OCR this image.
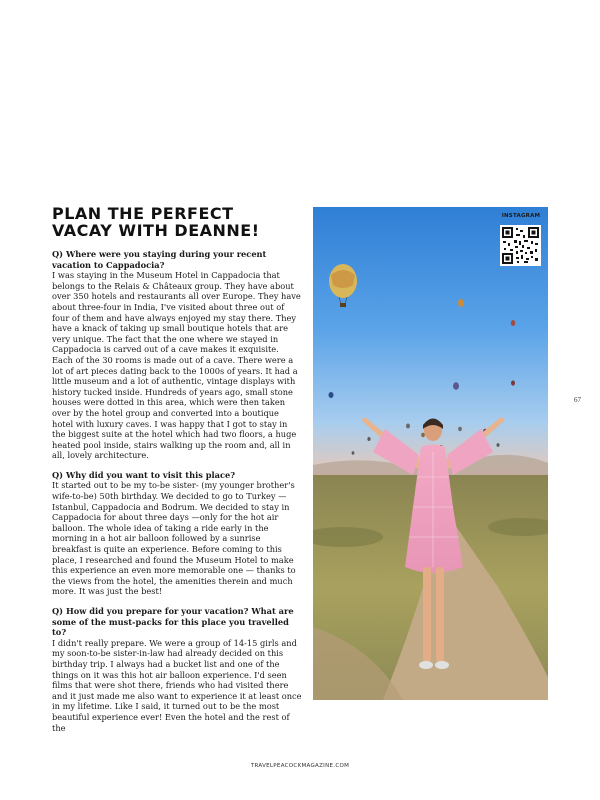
PLAN THE PERFECT
VACAY WITH DEANNE!

Q) Where were you staying during your recent vacation to Cappadocia?

I was staying in the Museum Hotel in Cappadocia that belongs to the Relais & Châteaux group. They have about over 350 hotels and restaurants all over Europe. They have about three-four in India, I've visited about three out of four of them and have always enjoyed my stay there. They have a knack of taking up small boutique hotels that are very unique. The fact that the one where we stayed in Cappadocia is carved out of a cave makes it exquisite. Each of the 30 rooms is made out of a cave. There were a lot of art pieces dating back to the 1000s of years. It had a little museum and a lot of authentic, vintage displays with history tucked inside. Hundreds of years ago, small stone houses were dotted in this area, which were then taken over by the hotel group and converted into a boutique hotel with luxury caves. I was happy that I got to stay in the biggest suite at the hotel which had two floors, a huge heated pool inside, stairs walking up the room and, all in all, lovely architecture.

Q) Why did you want to visit this place?

It started out to be my to-be sister- (my younger brother's wife-to-be) 50th birthday. We decided to go to Turkey — Istanbul, Cappadocia and Bodrum. We decided to stay in Cappadocia for about three days —only for the hot air balloon. The whole idea of taking a ride early in the morning in a hot air balloon followed by a sunrise breakfast is quite an experience. Before coming to this place, I researched and found the Museum Hotel to make this experience an even more memorable one — thanks to the views from the hotel, the amenities therein and much more. It was just the best!

Q) How did you prepare for your vacation? What are some of the must-packs for this place you travelled to?

I didn't really prepare. We were a group of 14-15 girls and my soon-to-be sister-in-law had already decided on this birthday trip. I always had a bucket list and one of the things on it was this hot air balloon experience. I'd seen films that were shot there, friends who had visited there and it just made me also want to experience it at least once in my lifetime. Like I said, it turned out to be the most beautiful experience ever! Even the hotel and the rest of the

INSTAGRAM
67
TRAVELPEACOCKMAGAZINE.COM
